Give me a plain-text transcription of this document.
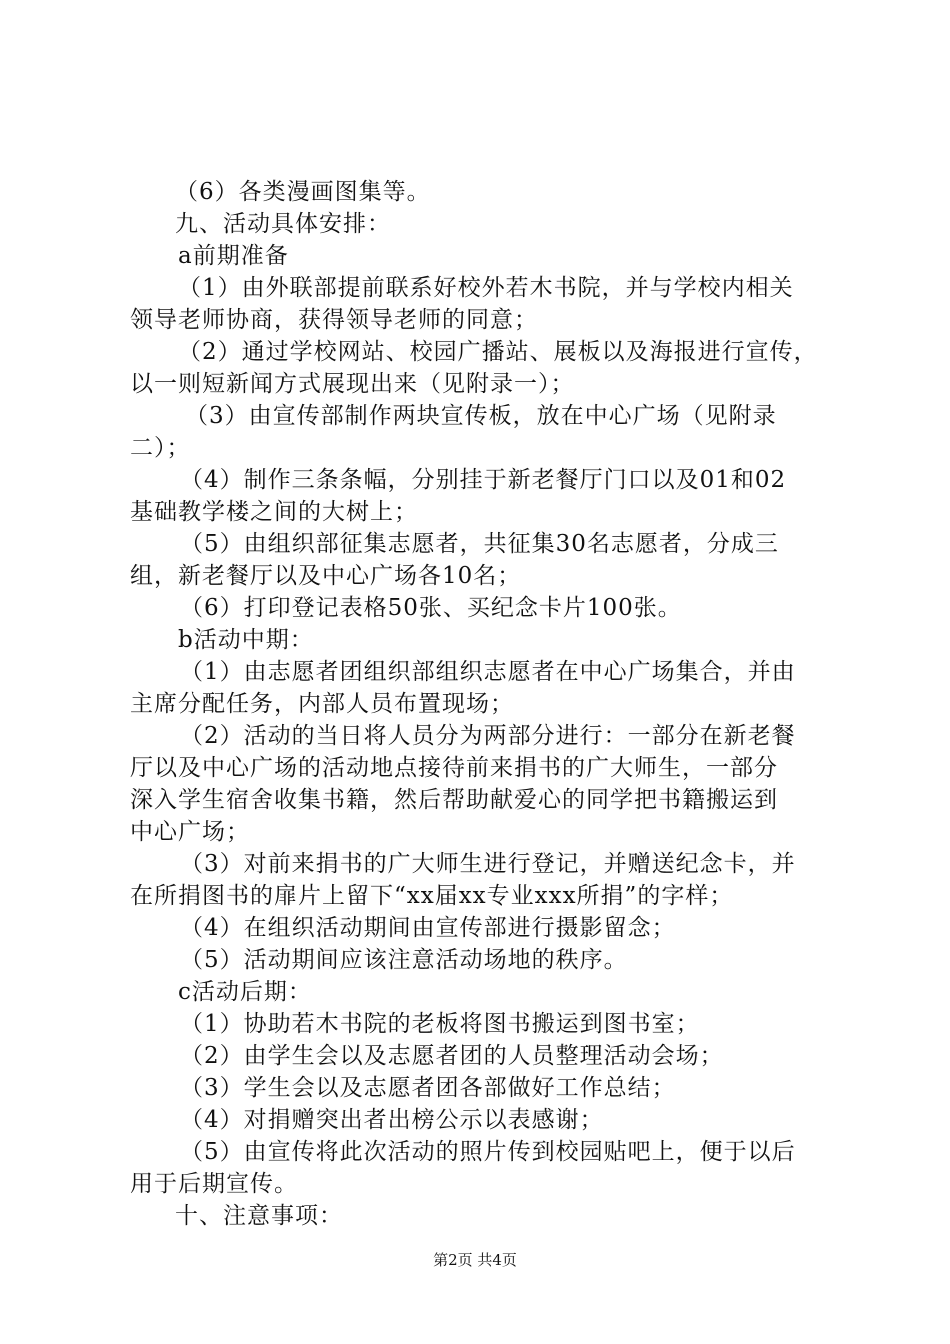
（6）各类漫画图集等。
九、活动具体安排：
a前期准备
（1）由外联部提前联系好校外若木书院，并与学校内相关
领导老师协商，获得领导老师的同意；
（2）通过学校网站、校园广播站、展板以及海报进行宣传，
以一则短新闻方式展现出来（见附录一）；
（3）由宣传部制作两块宣传板，放在中心广场（见附录
二）；
（4）制作三条条幅，分别挂于新老餐厅门口以及01和02
基础教学楼之间的大树上；
（5）由组织部征集志愿者，共征集30名志愿者，分成三
组，新老餐厅以及中心广场各10名；
（6）打印登记表格50张、买纪念卡片100张。
b活动中期：
（1）由志愿者团组织部组织志愿者在中心广场集合，并由
主席分配任务，内部人员布置现场；
（2）活动的当日将人员分为两部分进行：一部分在新老餐
厅以及中心广场的活动地点接待前来捐书的广大师生，一部分
深入学生宿舍收集书籍，然后帮助献爱心的同学把书籍搬运到
中心广场；
（3）对前来捐书的广大师生进行登记，并赠送纪念卡，并
在所捐图书的扉片上留下“xx届xx专业xxx所捐”的字样；
（4）在组织活动期间由宣传部进行摄影留念；
（5）活动期间应该注意活动场地的秩序。
c活动后期：
（1）协助若木书院的老板将图书搬运到图书室；
（2）由学生会以及志愿者团的人员整理活动会场；
（3）学生会以及志愿者团各部做好工作总结；
（4）对捐赠突出者出榜公示以表感谢；
（5）由宣传将此次活动的照片传到校园贴吧上，便于以后
用于后期宣传。
十、注意事项：
第2页 共4页
